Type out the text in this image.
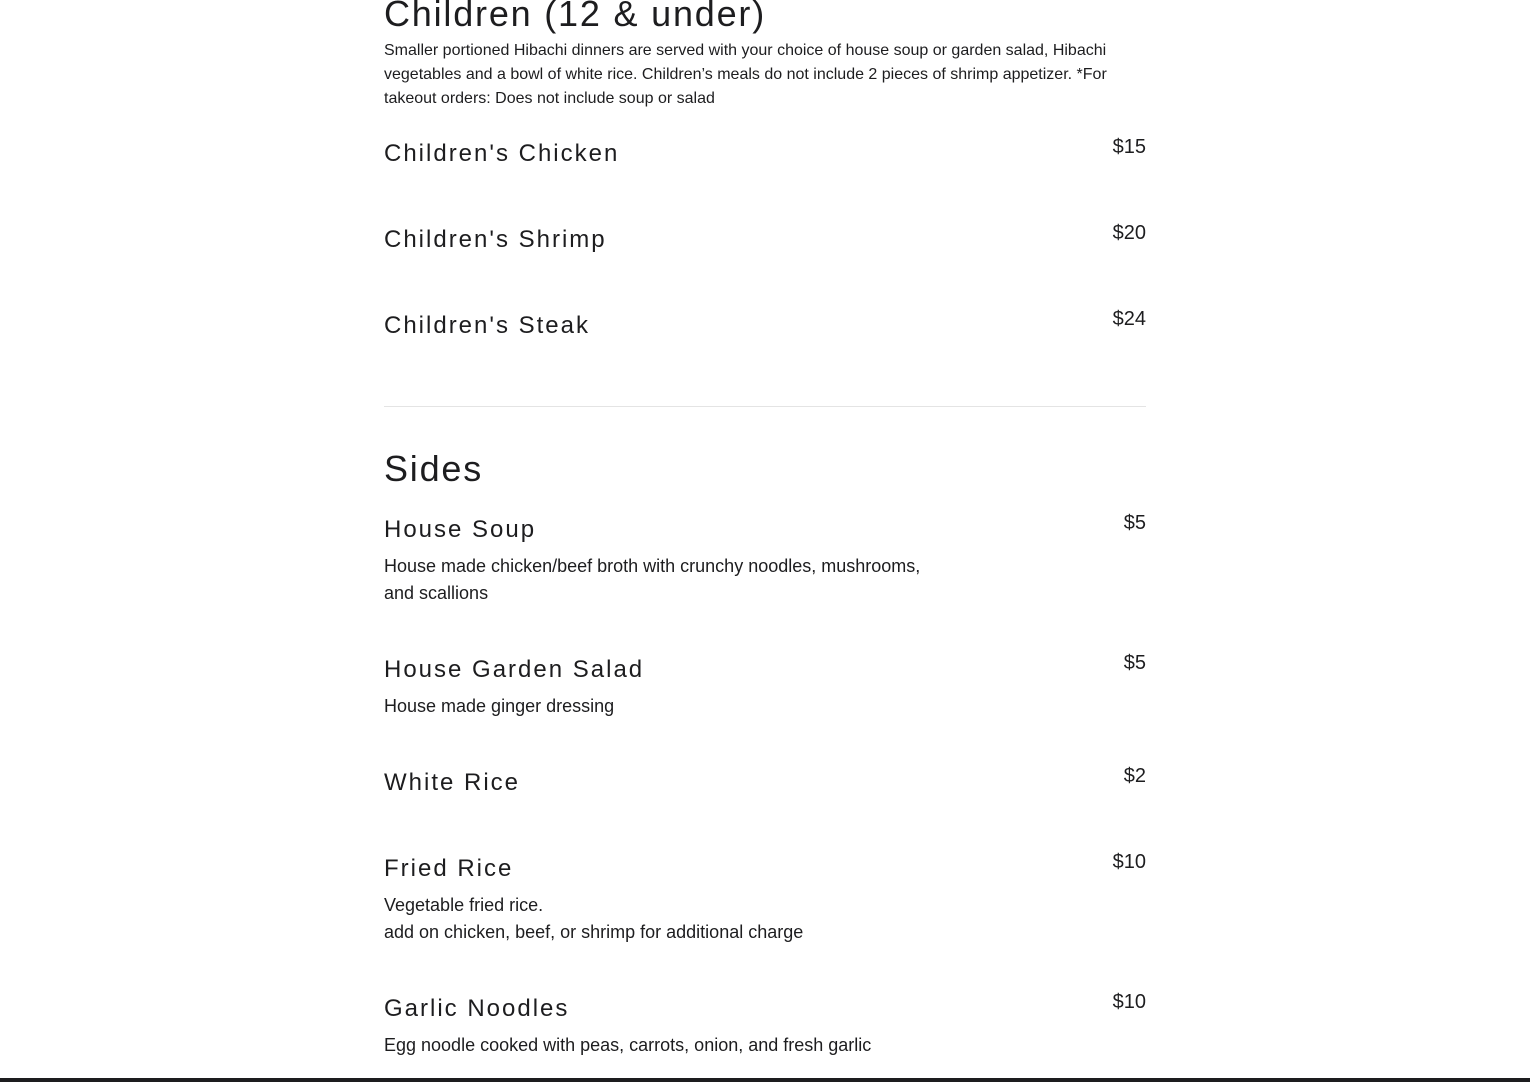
Children (12 & under)

Smaller portioned Hibachi dinners are served with your choice of house soup or garden salad, Hibachi vegetables and a bowl of white rice. Children’s meals do not include 2 pieces of shrimp appetizer. *For takeout orders: Does not include soup or salad

Children's Chicken	$15
Children's Shrimp	$20
Children's Steak	$24
Sides
House Soup	$5
House made chicken/beef broth with crunchy noodles, mushrooms,
and scallions
House Garden Salad	$5
House made ginger dressing
White Rice	$2
Fried Rice	$10
Vegetable fried rice.
add on chicken, beef, or shrimp for additional charge
Garlic Noodles	$10
Egg noodle cooked with peas, carrots, onion, and fresh garlic
